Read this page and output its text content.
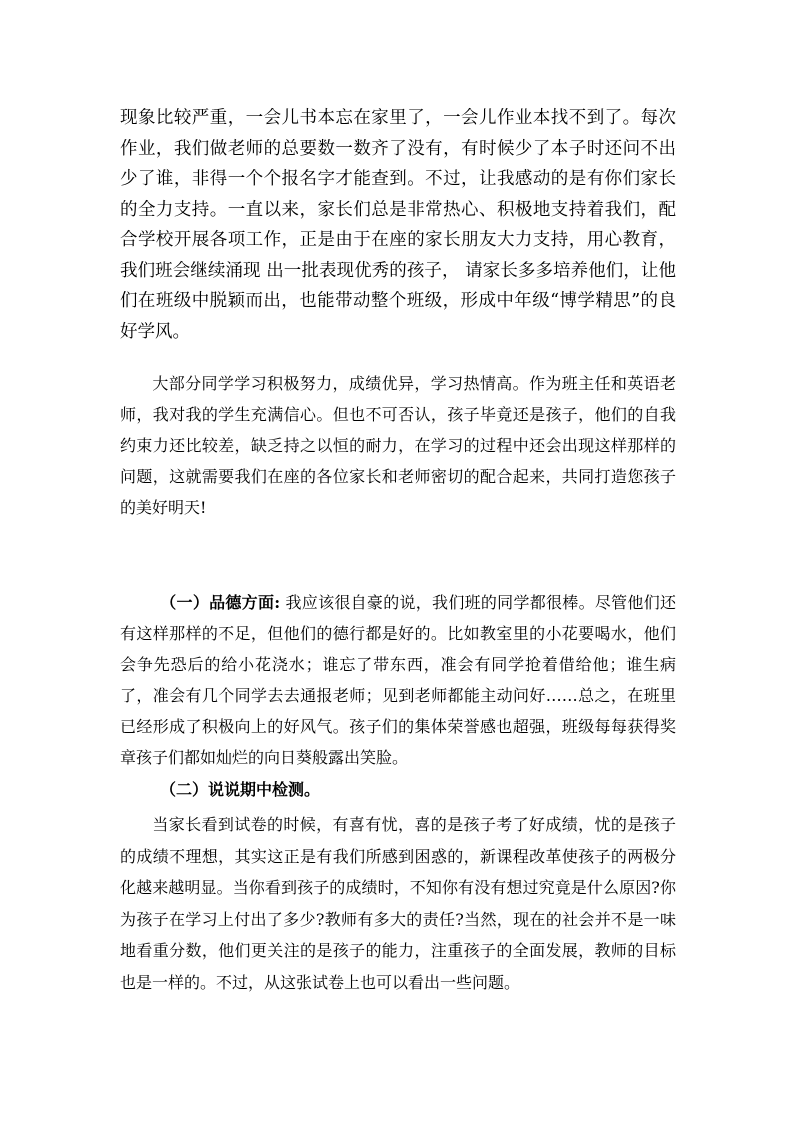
现象比较严重，一会儿书本忘在家里了，一会儿作业本找不到了。每次作业，我们做老师的总要数一数齐了没有，有时候少了本子时还问不出少了谁，非得一个个报名字才能查到。不过，让我感动的是有你们家长的全力支持。一直以来，家长们总是非常热心、积极地支持着我们，配合学校开展各项工作，正是由于在座的家长朋友大力支持，用心教育，我们班会继续涌现 出一批表现优秀的孩子， 请家长多多培养他们，让他们在班级中脱颖而出，也能带动整个班级，形成中年级“博学精思”的良好学风。

大部分同学学习积极努力，成绩优异，学习热情高。作为班主任和英语老师，我对我的学生充满信心。但也不可否认，孩子毕竟还是孩子，他们的自我约束力还比较差，缺乏持之以恒的耐力，在学习的过程中还会出现这样那样的问题，这就需要我们在座的各位家长和老师密切的配合起来，共同打造您孩子的美好明天!

（一）品德方面: 我应该很自豪的说，我们班的同学都很棒。尽管他们还有这样那样的不足，但他们的德行都是好的。比如教室里的小花要喝水，他们会争先恐后的给小花浇水；谁忘了带东西，准会有同学抢着借给他；谁生病了，准会有几个同学去去通报老师；见到老师都能主动问好……总之，在班里已经形成了积极向上的好风气。孩子们的集体荣誉感也超强，班级每每获得奖章孩子们都如灿烂的向日葵般露出笑脸。

（二）说说期中检测。

当家长看到试卷的时候，有喜有忧，喜的是孩子考了好成绩，忧的是孩子的成绩不理想，其实这正是有我们所感到困惑的，新课程改革使孩子的两极分化越来越明显。当你看到孩子的成绩时，不知你有没有想过究竟是什么原因?你为孩子在学习上付出了多少?教师有多大的责任?当然，现在的社会并不是一味地看重分数，他们更关注的是孩子的能力，注重孩子的全面发展，教师的目标也是一样的。不过，从这张试卷上也可以看出一些问题。
